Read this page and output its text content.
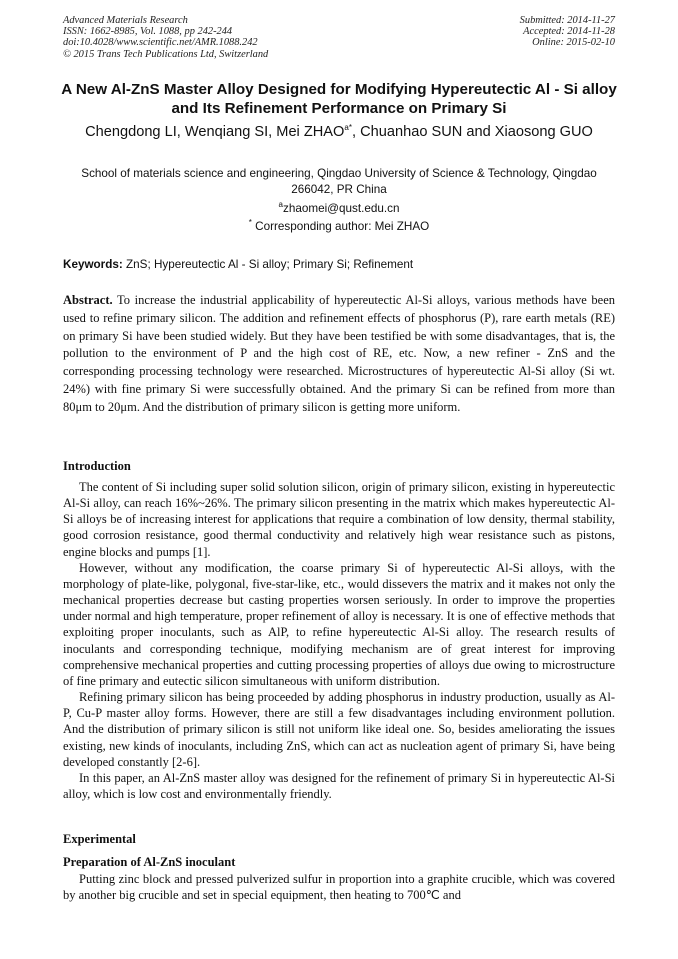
Advanced Materials Research
ISSN: 1662-8985, Vol. 1088, pp 242-244
doi:10.4028/www.scientific.net/AMR.1088.242
© 2015 Trans Tech Publications Ltd, Switzerland
Submitted: 2014-11-27
Accepted: 2014-11-28
Online: 2015-02-10
A New Al-ZnS Master Alloy Designed for Modifying Hypereutectic Al - Si alloy and Its Refinement Performance on Primary Si
Chengdong LI, Wenqiang SI, Mei $ZHAO^{a*}$, Chuanhao SUN and Xiaosong GUO
School of materials science and engineering, Qingdao University of Science & Technology, Qingdao 266042, PR China
$^a$zhaomei@qust.edu.cn
* Corresponding author: Mei ZHAO
Keywords: ZnS; Hypereutectic Al - Si alloy; Primary Si; Refinement
Abstract. To increase the industrial applicability of hypereutectic Al-Si alloys, various methods have been used to refine primary silicon. The addition and refinement effects of phosphorus (P), rare earth metals (RE) on primary Si have been studied widely. But they have been testified be with some disadvantages, that is, the pollution to the environment of P and the high cost of RE, etc. Now, a new refiner - ZnS and the corresponding processing technology were researched. Microstructures of hypereutectic Al-Si alloy (Si wt. 24%) with fine primary Si were successfully obtained. And the primary Si can be refined from more than 80μm to 20μm. And the distribution of primary silicon is getting more uniform.
Introduction

The content of Si including super solid solution silicon, origin of primary silicon, existing in hypereutectic Al-Si alloy, can reach 16%~26%. The primary silicon presenting in the matrix which makes hypereutectic Al-Si alloys be of increasing interest for applications that require a combination of low density, thermal stability, good corrosion resistance, good thermal conductivity and relatively high wear resistance such as pistons, engine blocks and pumps [1].

However, without any modification, the coarse primary Si of hypereutectic Al-Si alloys, with the morphology of plate-like, polygonal, five-star-like, etc., would dissevers the matrix and it makes not only the mechanical properties decrease but casting properties worsen seriously. In order to improve the properties under normal and high temperature, proper refinement of alloy is necessary. It is one of effective methods that exploiting proper inoculants, such as AlP, to refine hypereutectic Al-Si alloy. The research results of inoculants and corresponding technique, modifying mechanism are of great interest for improving comprehensive mechanical properties and cutting processing properties of alloys due owing to microstructure of fine primary and eutectic silicon simultaneous with uniform distribution.

Refining primary silicon has being proceeded by adding phosphorus in industry production, usually as Al-P, Cu-P master alloy forms. However, there are still a few disadvantages including environment pollution. And the distribution of primary silicon is still not uniform like ideal one. So, besides ameliorating the issues existing, new kinds of inoculants, including ZnS, which can act as nucleation agent of primary Si, have being developed constantly [2-6].

In this paper, an Al-ZnS master alloy was designed for the refinement of primary Si in hypereutectic Al-Si alloy, which is low cost and environmentally friendly.

Experimental
Preparation of Al-ZnS inoculant

Putting zinc block and pressed pulverized sulfur in proportion into a graphite crucible, which was covered by another big crucible and set in special equipment, then heating to 700℃ and
